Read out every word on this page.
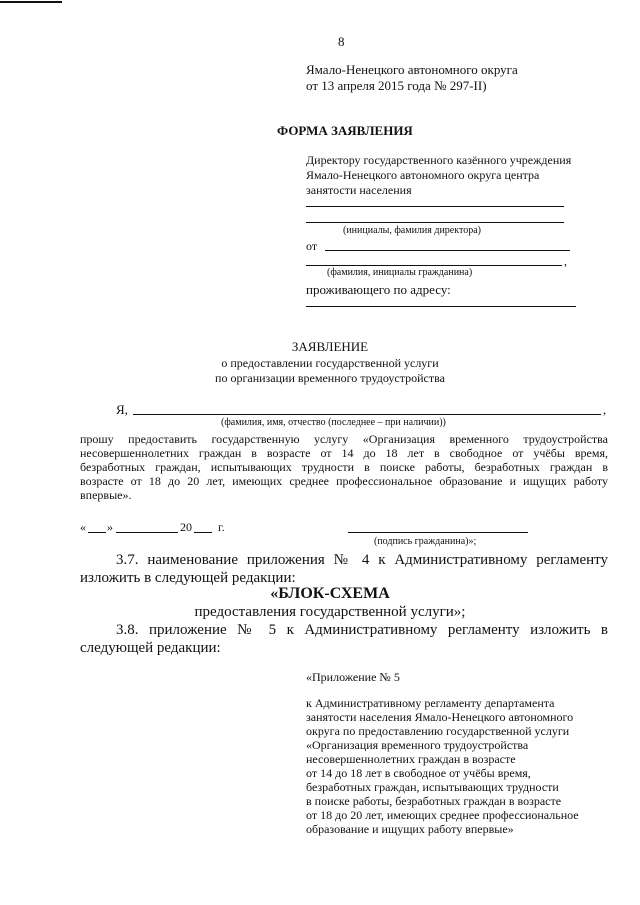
8
Ямало-Ненецкого автономного округа
от 13 апреля 2015 года № 297-II)
ФОРМА ЗАЯВЛЕНИЯ
Директору государственного казённого учреждения
Ямало-Ненецкого автономного округа центра
занятости населения
(инициалы, фамилия директора)
от
,
(фамилия, инициалы гражданина)
проживающего по адресу:
ЗАЯВЛЕНИЕ
о предоставлении государственной услуги
по организации временного трудоустройства
Я,	,
(фамилия, имя, отчество (последнее – при наличии))
прошу предоставить государственную услугу «Организация временного трудоустройства
несовершеннолетних граждан в возрасте от 14 до 18 лет в свободное от учёбы время,
безработных граждан, испытывающих трудности в поиске работы, безработных граждан в
возрасте от 18 до 20 лет, имеющих среднее профессиональное образование и ищущих работу
впервые».
« »	20 г.
(подпись гражданина)»;
3.7. наименование приложения № 4 к Административному регламенту
изложить в следующей редакции:
«БЛОК-СХЕМА
предоставления государственной услуги»;
3.8. приложение № 5 к Административному регламенту изложить в
следующей редакции:
«Приложение № 5
к Административному регламенту департамента
занятости населения Ямало-Ненецкого автономного
округа по предоставлению государственной услуги
«Организация временного трудоустройства
несовершеннолетних граждан в возрасте
от 14 до 18 лет в свободное от учёбы время,
безработных граждан, испытывающих трудности
в поиске работы, безработных граждан в возрасте
от 18 до 20 лет, имеющих среднее профессиональное
образование и ищущих работу впервые»
